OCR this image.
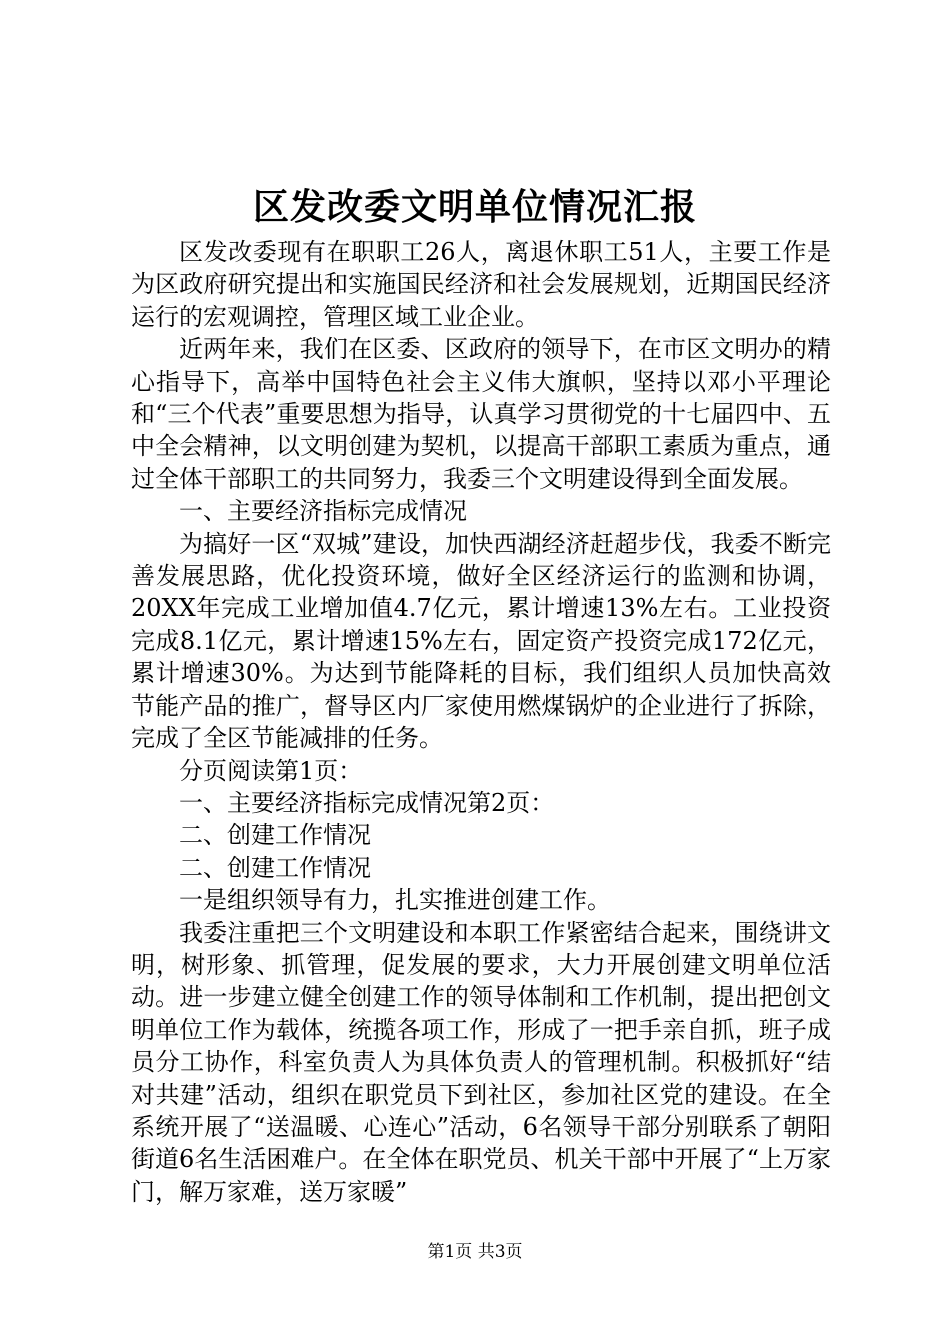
区发改委文明单位情况汇报

区发改委现有在职职工26人，离退休职工51人，主要工作是为区政府研究提出和实施国民经济和社会发展规划，近期国民经济运行的宏观调控，管理区域工业企业。

近两年来，我们在区委、区政府的领导下，在市区文明办的精心指导下，高举中国特色社会主义伟大旗帜，坚持以邓小平理论和“三个代表”重要思想为指导，认真学习贯彻党的十七届四中、五中全会精神，以文明创建为契机，以提高干部职工素质为重点，通过全体干部职工的共同努力，我委三个文明建设得到全面发展。

一、主要经济指标完成情况

为搞好一区“双城”建设，加快西湖经济赶超步伐，我委不断完善发展思路，优化投资环境，做好全区经济运行的监测和协调，20XX年完成工业增加值4.7亿元，累计增速13%左右。工业投资完成8.1亿元，累计增速15%左右，固定资产投资完成172亿元，累计增速30%。为达到节能降耗的目标，我们组织人员加快高效节能产品的推广，督导区内厂家使用燃煤锅炉的企业进行了拆除，完成了全区节能减排的任务。

分页阅读第1页：

一、主要经济指标完成情况第2页：

二、创建工作情况

二、创建工作情况

一是组织领导有力，扎实推进创建工作。

我委注重把三个文明建设和本职工作紧密结合起来，围绕讲文明，树形象、抓管理，促发展的要求，大力开展创建文明单位活动。进一步建立健全创建工作的领导体制和工作机制，提出把创文明单位工作为载体，统揽各项工作，形成了一把手亲自抓，班子成员分工协作，科室负责人为具体负责人的管理机制。积极抓好“结对共建”活动，组织在职党员下到社区，参加社区党的建设。在全系统开展了“送温暖、心连心”活动，6名领导干部分别联系了朝阳街道6名生活困难户。在全体在职党员、机关干部中开展了“上万家门，解万家难，送万家暖”

第1页 共3页
